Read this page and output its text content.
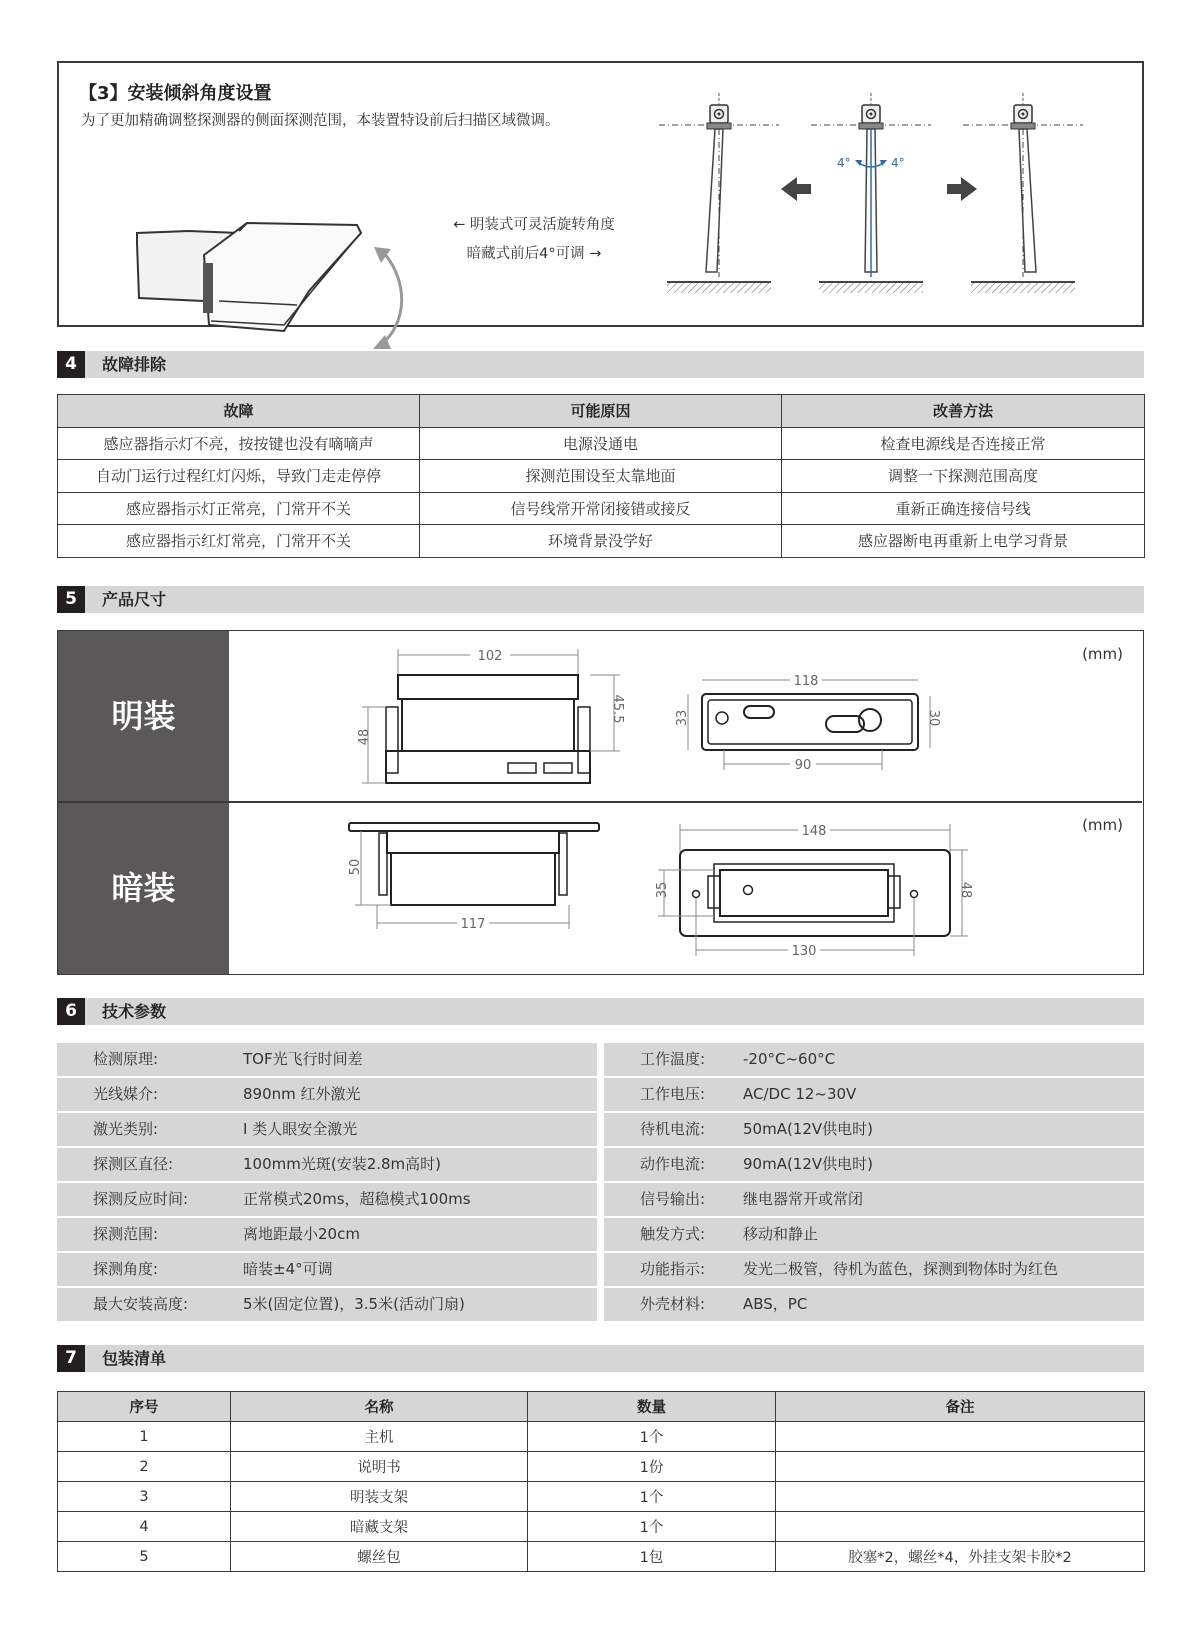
【3】安装倾斜角度设置
为了更加精确调整探测器的侧面探测范围，本装置特设前后扫描区域微调。
← 明装式可灵活旋转角度
暗藏式前后4°可调 →
4°	4°
4	故障排除
故障	可能原因	改善方法
感应器指示灯不亮，按按键也没有嘀嘀声	电源没通电	检查电源线是否连接正常
自动门运行过程红灯闪烁，导致门走走停停	探测范围设至太靠地面	调整一下探测范围高度
感应器指示灯正常亮，门常开不关	信号线常开常闭接错或接反	重新正确连接信号线
感应器指示红灯常亮，门常开不关	环境背景没学好	感应器断电再重新上电学习背景
5	产品尺寸
明装
暗装
(mm)
(mm)
102
48
45.5
118
90
33	30
50
117
148
130
35	48
6	技术参数
检测原理:	TOF光飞行时间差
光线媒介:	890nm 红外激光
激光类别:	I 类人眼安全激光
探测区直径:	100mm光斑(安装2.8m高时)
探测反应时间:	正常模式20ms，超稳模式100ms
探测范围:	离地距最小20cm
探测角度:	暗装±4°可调
最大安装高度:	5米(固定位置)，3.5米(活动门扇)
工作温度:	-20°C~60°C
工作电压:	AC/DC 12~30V
待机电流:	50mA(12V供电时)
动作电流:	90mA(12V供电时)
信号输出:	继电器常开或常闭
触发方式:	移动和静止
功能指示:	发光二极管，待机为蓝色，探测到物体时为红色
外壳材料:	ABS，PC
7	包装清单
序号	名称	数量	备注
1	主机	1个	
2	说明书	1份	
3	明装支架	1个	
4	暗藏支架	1个	
5	螺丝包	1包	胶塞*2，螺丝*4，外挂支架卡胶*2
